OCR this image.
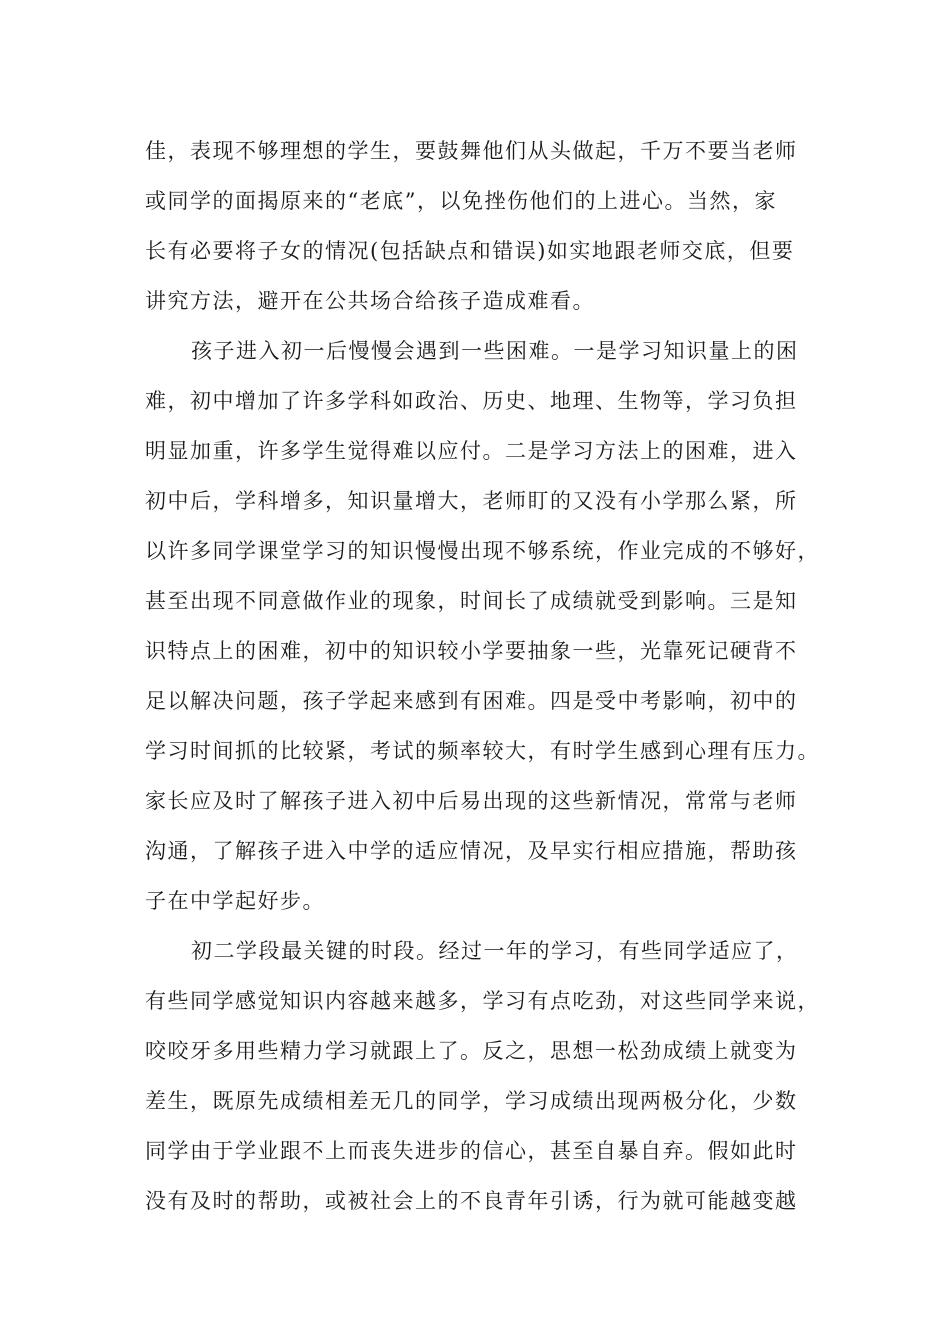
佳，表现不够理想的学生，要鼓舞他们从头做起，千万不要当老师
或同学的面揭原来的“老底”，以免挫伤他们的上进心。当然，家
长有必要将子女的情况(包括缺点和错误)如实地跟老师交底，但要
讲究方法，避开在公共场合给孩子造成难看。
孩子进入初一后慢慢会遇到一些困难。一是学习知识量上的困
难，初中增加了许多学科如政治、历史、地理、生物等，学习负担
明显加重，许多学生觉得难以应付。二是学习方法上的困难，进入
初中后，学科增多，知识量增大，老师盯的又没有小学那么紧，所
以许多同学课堂学习的知识慢慢出现不够系统，作业完成的不够好，
甚至出现不同意做作业的现象，时间长了成绩就受到影响。三是知
识特点上的困难，初中的知识较小学要抽象一些，光靠死记硬背不
足以解决问题，孩子学起来感到有困难。四是受中考影响，初中的
学习时间抓的比较紧，考试的频率较大，有时学生感到心理有压力。
家长应及时了解孩子进入初中后易出现的这些新情况，常常与老师
沟通，了解孩子进入中学的适应情况，及早实行相应措施，帮助孩
子在中学起好步。
初二学段最关键的时段。经过一年的学习，有些同学适应了，
有些同学感觉知识内容越来越多，学习有点吃劲，对这些同学来说，
咬咬牙多用些精力学习就跟上了。反之，思想一松劲成绩上就变为
差生，既原先成绩相差无几的同学，学习成绩出现两极分化，少数
同学由于学业跟不上而丧失进步的信心，甚至自暴自弃。假如此时
没有及时的帮助，或被社会上的不良青年引诱，行为就可能越变越
